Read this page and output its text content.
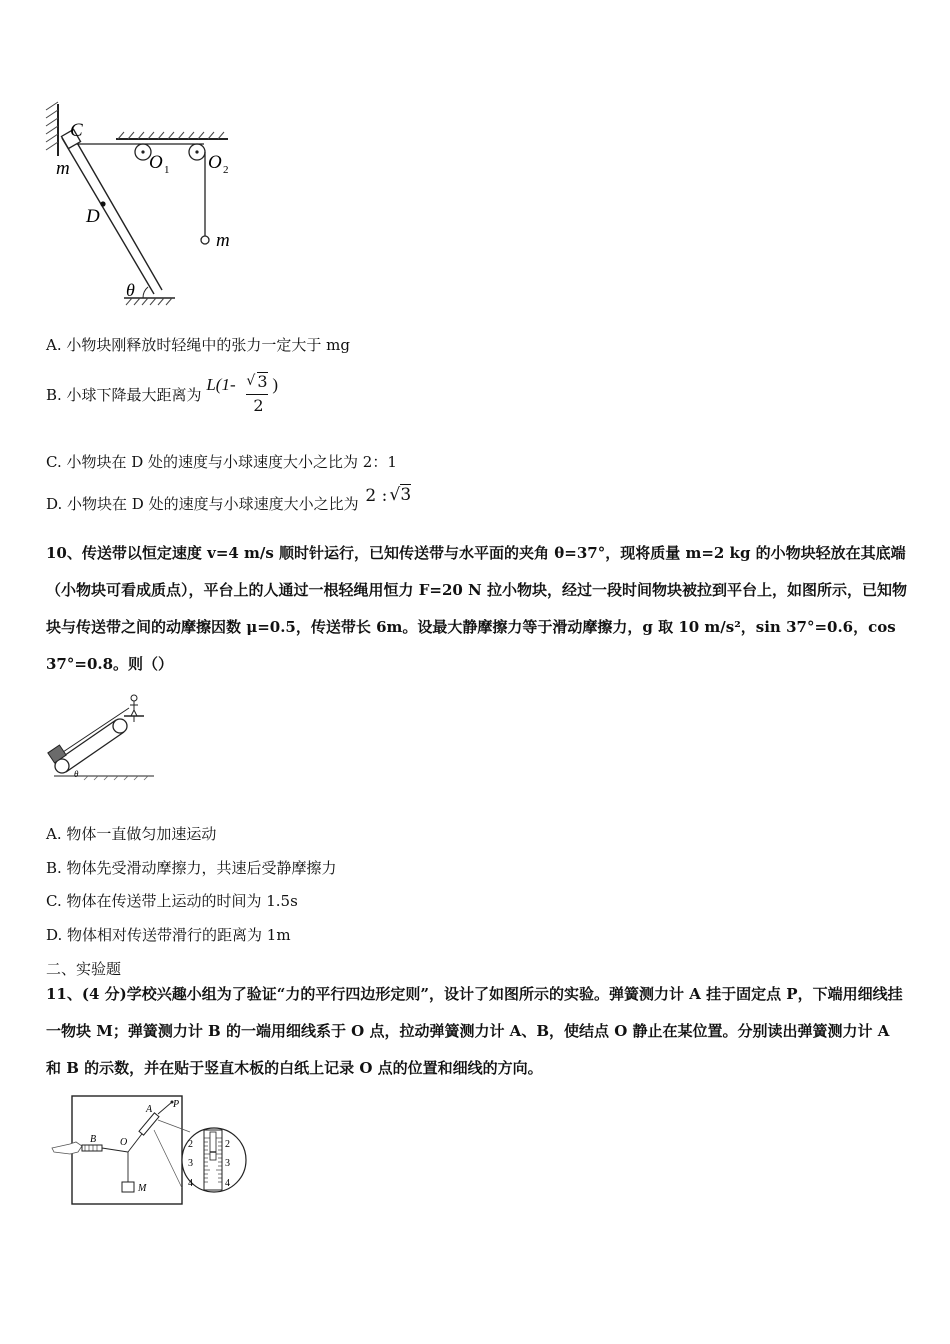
C
m
D
O 1 O 2
m
θ
A. 小物块刚释放时轻绳中的张力一定大于 mg
B. 小球下降最大距离为
L(1- √ 3
2
)
C. 小物块在 D 处的速度与小球速度大小之比为 2：1
D. 小物块在 D 处的速度与小球速度大小之比为 2 : √ 3
10、传送带以恒定速度 v=4 m/s 顺时针运行，已知传送带与水平面的夹角 θ=37°，现将质量 m=2 kg 的小物块轻放在其底端（小物块可看成质点），平台上的人通过一根轻绳用恒力 F=20 N 拉小物块，经过一段时间物块被拉到平台上，如图所示，已知物块与传送带之间的动摩擦因数 μ=0.5，传送带长 6m。设最大静摩擦力等于滑动摩擦力，g 取 10 m/s²，sin 37°=0.6，cos 37°=0.8。则（）
θ
A. 物体一直做匀加速运动
B. 物体先受滑动摩擦力，共速后受静摩擦力
C. 物体在传送带上运动的时间为 1.5s
D. 物体相对传送带滑行的距离为 1m
二、实验题
11、(4 分)学校兴趣小组为了验证“力的平行四边形定则”，设计了如图所示的实验。弹簧测力计 A 挂于固定点 P，下端用细线挂一物块 M；弹簧测力计 B 的一端用细线系于 O 点，拉动弹簧测力计 A、B，使结点 O 静止在某位置。分别读出弹簧测力计 A 和 B 的示数，并在贴于竖直木板的白纸上记录 O 点的位置和细线的方向。
2
3
4
2
3
4
A P
B O
M
